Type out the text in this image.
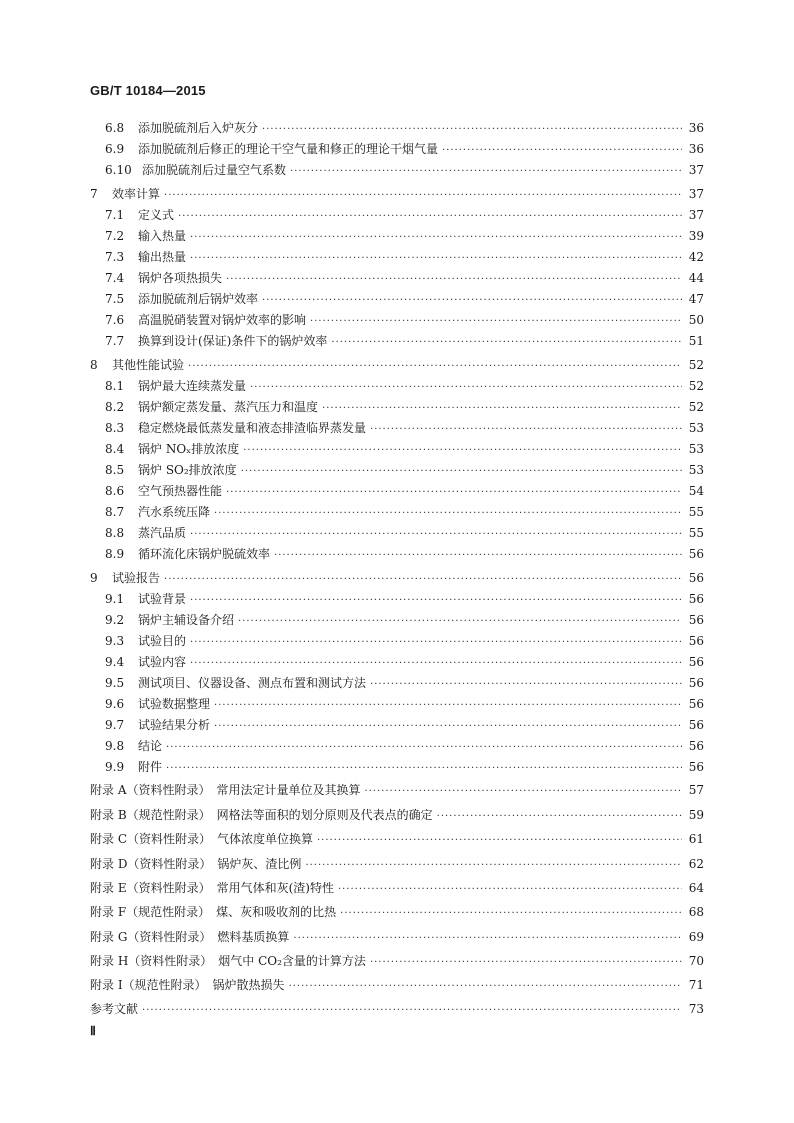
GB/T 10184—2015
6.8	添加脱硫剂后入炉灰分 ·····	36
6.9	添加脱硫剂后修正的理论干空气量和修正的理论干烟气量 ·····	36
6.10 添加脱硫剂后过量空气系数 ·····	37
7	效率计算 ·····	37
7.1	定义式 ·····	37
7.2	输入热量 ·····	39
7.3	输出热量 ·····	42
7.4	锅炉各项热损失 ·····	44
7.5	添加脱硫剂后锅炉效率 ·····	47
7.6	高温脱硝装置对锅炉效率的影响 ·····	50
7.7	换算到设计(保证)条件下的锅炉效率 ·····	51
8	其他性能试验 ·····	52
8.1	锅炉最大连续蒸发量 ·····	52
8.2	锅炉额定蒸发量、蒸汽压力和温度 ·····	52
8.3	稳定燃烧最低蒸发量和液态排渣临界蒸发量 ·····	53
8.4	锅炉 NOₓ排放浓度 ·····	53
8.5	锅炉 SO₂排放浓度 ·····	53
8.6	空气预热器性能 ·····	54
8.7	汽水系统压降 ·····	55
8.8	蒸汽品质 ·····	55
8.9	循环流化床锅炉脱硫效率 ·····	56
9	试验报告 ·····	56
9.1	试验背景 ·····	56
9.2	锅炉主辅设备介绍 ·····	56
9.3	试验目的 ·····	56
9.4	试验内容 ·····	56
9.5	测试项目、仪器设备、测点布置和测试方法 ·····	56
9.6	试验数据整理 ·····	56
9.7	试验结果分析 ·····	56
9.8	结论 ·····	56
9.9	附件 ·····	56
附录 A（资料性附录）　常用法定计量单位及其换算 ·····	57
附录 B（规范性附录）　网格法等面积的划分原则及代表点的确定 ·····	59
附录 C（资料性附录）　气体浓度单位换算 ·····	61
附录 D（资料性附录）　锅炉灰、渣比例 ·····	62
附录 E（资料性附录）　常用气体和灰(渣)特性 ·····	64
附录 F（规范性附录）　煤、灰和吸收剂的比热 ·····	68
附录 G（资料性附录）　燃料基质换算 ·····	69
附录 H（资料性附录）　烟气中 CO₂含量的计算方法 ·····	70
附录 I（规范性附录）　锅炉散热损失 ·····	71
参考文献 ·····	73
Ⅱ
